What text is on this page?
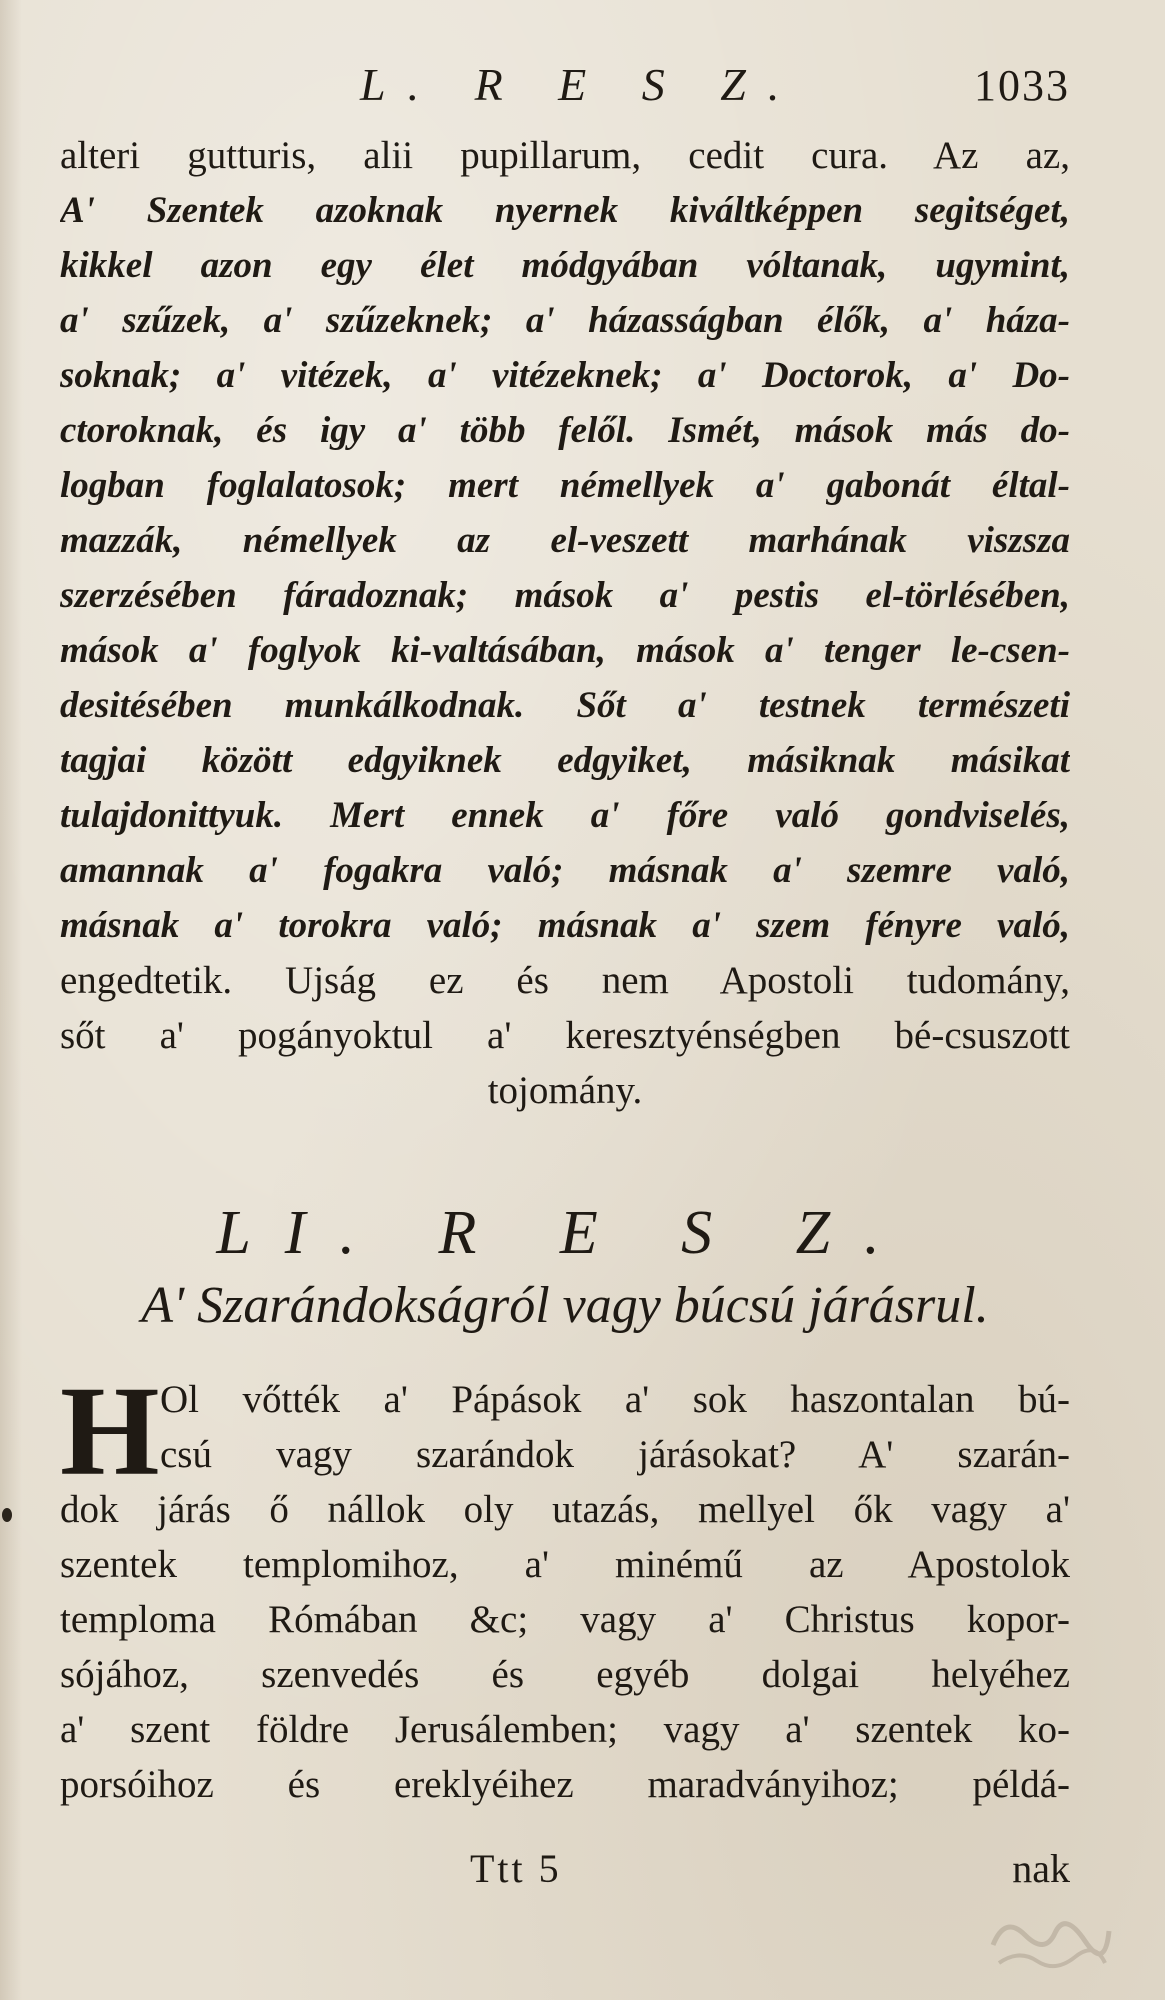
L. R E S Z.	1033
alteri gutturis, alii pupillarum, cedit cura. Az az,
A' Szentek azoknak nyernek kiváltképpen segitséget,
kikkel azon egy élet módgyában vóltanak, ugymint,
a' szűzek, a' szűzeknek; a' házasságban élők, a' háza-
soknak; a' vitézek, a' vitézeknek; a' Doctorok, a' Do-
ctoroknak, és igy a' több felől. Ismét, mások más do-
logban foglalatosok; mert némellyek a' gabonát éltal-
mazzák, némellyek az el-veszett marhának viszsza
szerzésében fáradoznak; mások a' pestis el-törlésében,
mások a' foglyok ki-valtásában, mások a' tenger le-csen-
desitésében munkálkodnak. Sőt a' testnek természeti
tagjai között edgyiknek edgyiket, másiknak másikat
tulajdonittyuk. Mert ennek a' főre való gondviselés,
amannak a' fogakra való; másnak a' szemre való,
másnak a' torokra való; másnak a' szem fényre való,
engedtetik. Ujság ez és nem Apostoli tudomány,
sőt a' pogányoktul a' keresztyénségben bé-csuszott
tojomány.
LI. R E S Z.
A' Szarándokságról vagy búcsú járásrul.
H Ol vőtték a' Pápások a' sok haszontalan bú-
csú vagy szarándok járásokat? A' szarán-
dok járás ő nállok oly utazás, mellyel ők vagy a'
szentek templomihoz, a' minémű az Apostolok
temploma Rómában &c; vagy a' Christus kopor-
sójához, szenvedés és egyéb dolgai helyéhez
a' szent földre Jerusálemben; vagy a' szentek ko-
porsóihoz és ereklyéihez maradványihoz; példá-
Ttt 5	nak
